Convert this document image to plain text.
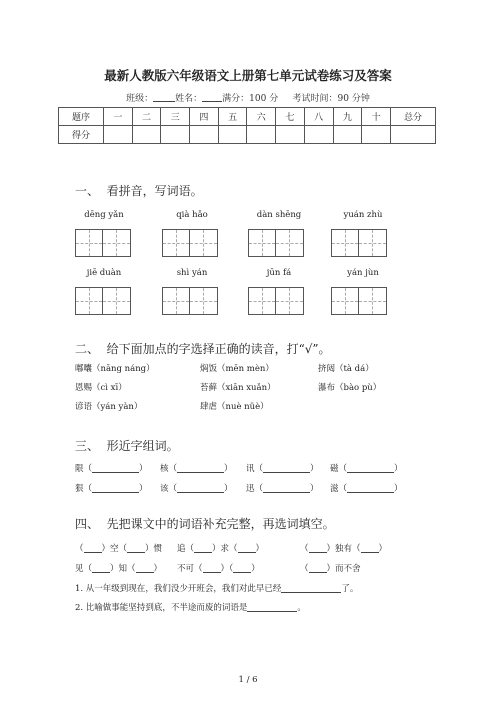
最新人教版六年级语文上册第七单元试卷练习及答案
班级： 姓名： 满分：100 分 考试时间：90 分钟
题序	一	二	三	四	五	六	七	八	九	十	总分
得分											
一、  看拼音，写词语。
dēng yǎn	qià hǎo	dàn shēng	yuán zhù
jiē duàn	shì yán	jūn fá	yán jùn
二、  给下面加点的字选择正确的读音，打“√”。
嘟囔（nāng náng）	焖饭（mēn mèn）	挤闼（tà dá）
恩赐（cì xī）	苔藓（xiān xuǎn）	瀑布（bào pù）
谚语（yán yàn）	肆虐（nuè nüè）
三、  形近字组词。
限（	） 核（	） 讯（	） 磁（	）
狠（	） 该（	） 迅（	） 滋（	）
四、  先把课文中的词语补充完整，再选词填空。
（ ）空（ ）惯 追（ ）求（ ）	（ ）独有（ ）
见（ ）知（ ） 不可（ ）（ ）	（ ）而不舍
1. 从一年级到现在，我们没少开班会，我们对此早已经	了。
2. 比喻做事能坚持到底，不半途而废的词语是	。
1 / 6
